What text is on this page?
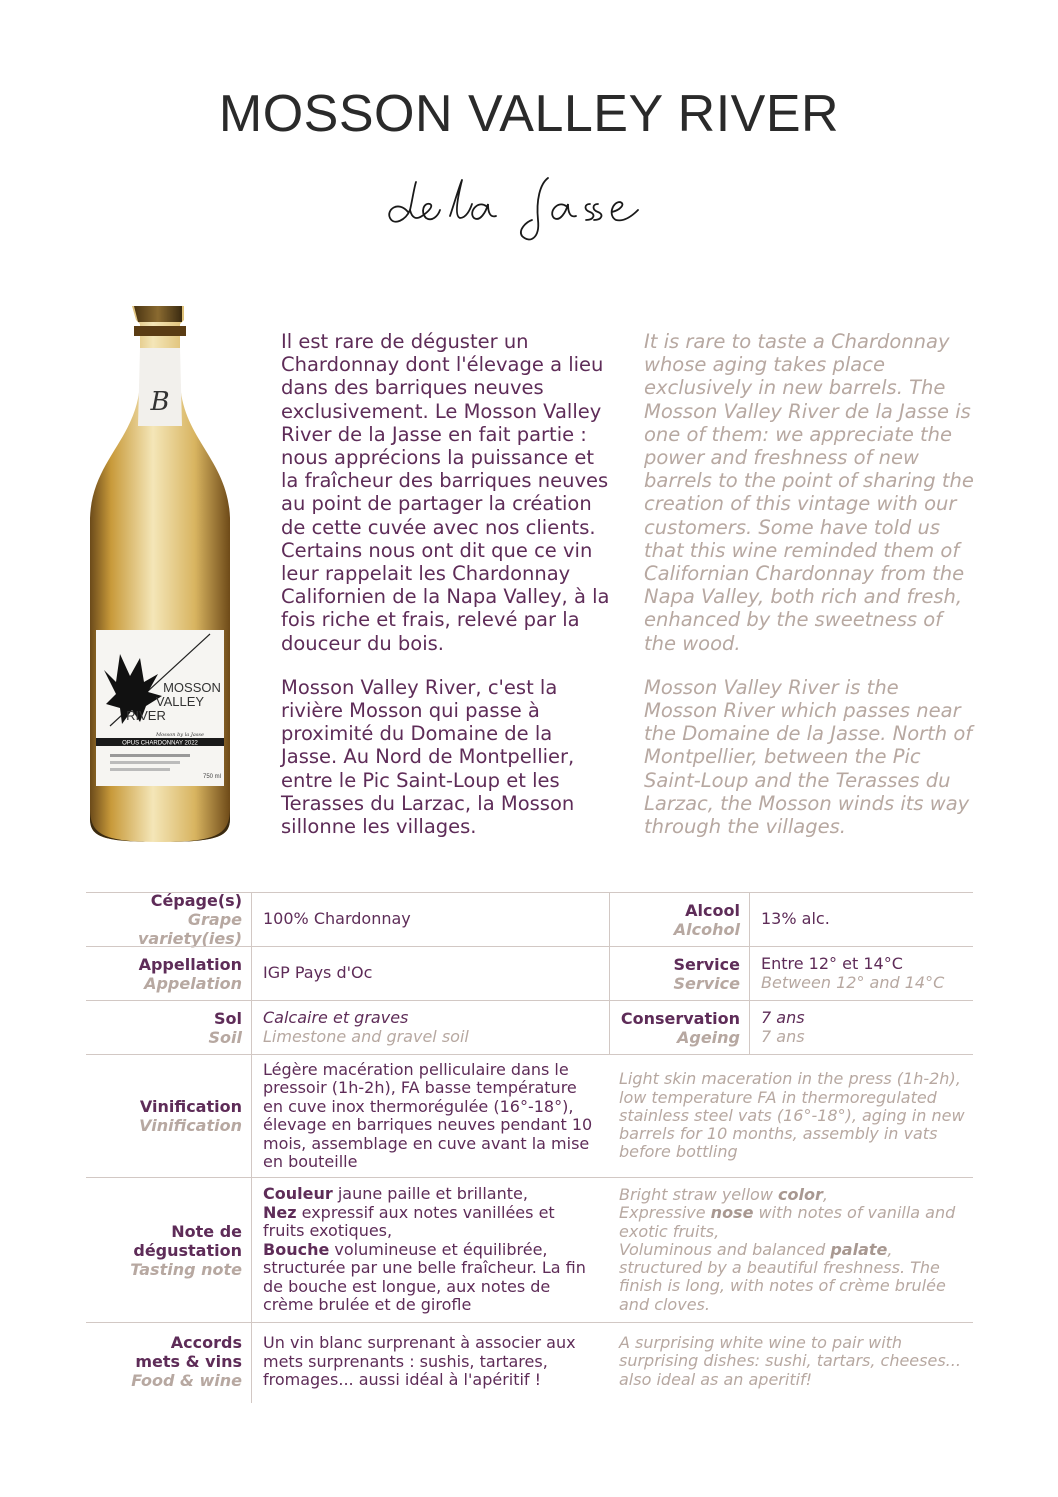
MOSSON VALLEY RIVER
B
MOSSON
VALLEY
RIVER
OPUS CHARDONNAY 2022
Mosson by la Jasse
750 ml

Il est rare de déguster un Chardonnay dont l'élevage a lieu dans des barriques neuves exclusivement. Le Mosson Valley River de la Jasse en fait partie : nous apprécions la puissance et la fraîcheur des barriques neuves au point de partager la création de cette cuvée avec nos clients. Certains nous ont dit que ce vin leur rappelait les Chardonnay Californien de la Napa Valley, à la fois riche et frais, relevé par la douceur du bois.

Mosson Valley River, c'est la rivière Mosson qui passe à proximité du Domaine de la Jasse. Au Nord de Montpellier, entre le Pic Saint-Loup et les Terasses du Larzac, la Mosson sillonne les villages.

It is rare to taste a Chardonnay whose aging takes place exclusively in new barrels. The Mosson Valley River de la Jasse is one of them: we appreciate the power and freshness of new barrels to the point of sharing the creation of this vintage with our customers. Some have told us that this wine reminded them of Californian Chardonnay from the Napa Valley, both rich and fresh, enhanced by the sweetness of the wood.

Mosson Valley River is the Mosson River which passes near the Domaine de la Jasse. North of Montpellier, between the Pic Saint-Loup and the Terasses du Larzac, the Mosson winds its way through the villages.

Cépage(s)
Grape variety(ies)
100% Chardonnay	Alcool
Alcohol
13% alc.
Appellation
Appelation
IGP Pays d'Oc	Service
Service
Entre 12° et 14°C
Between 12° and 14°C
Sol
Soil
Calcaire et graves
Limestone and gravel soil
Conservation
Ageing
7 ans
7 ans
Vinification
Vinification
Légère macération pelliculaire dans le pressoir (1h-2h), FA basse température en cuve inox thermorégulée (16°-18°), élevage en barriques neuves pendant 10 mois, assemblage en cuve avant la mise en bouteille
Light skin maceration in the press (1h-2h), low temperature FA in thermoregulated stainless steel vats (16°-18°), aging in new barrels for 10 months, assembly in vats before bottling
Note de
dégustation
Tasting note
Couleur jaune paille et brillante,
Nez expressif aux notes vanillées et fruits exotiques,
Bouche volumineuse et équilibrée, structurée par une belle fraîcheur. La fin de bouche est longue, aux notes de crème brulée et de girofle
Bright straw yellow color,
Expressive nose with notes of vanilla and exotic fruits,
Voluminous and balanced palate, structured by a beautiful freshness. The finish is long, with notes of crème brulée and cloves.
Accords
mets & vins
Food & wine
Un vin blanc surprenant à associer aux mets surprenants : sushis, tartares, fromages... aussi idéal à l'apéritif !
A surprising white wine to pair with surprising dishes: sushi, tartars, cheeses... also ideal as an aperitif!
